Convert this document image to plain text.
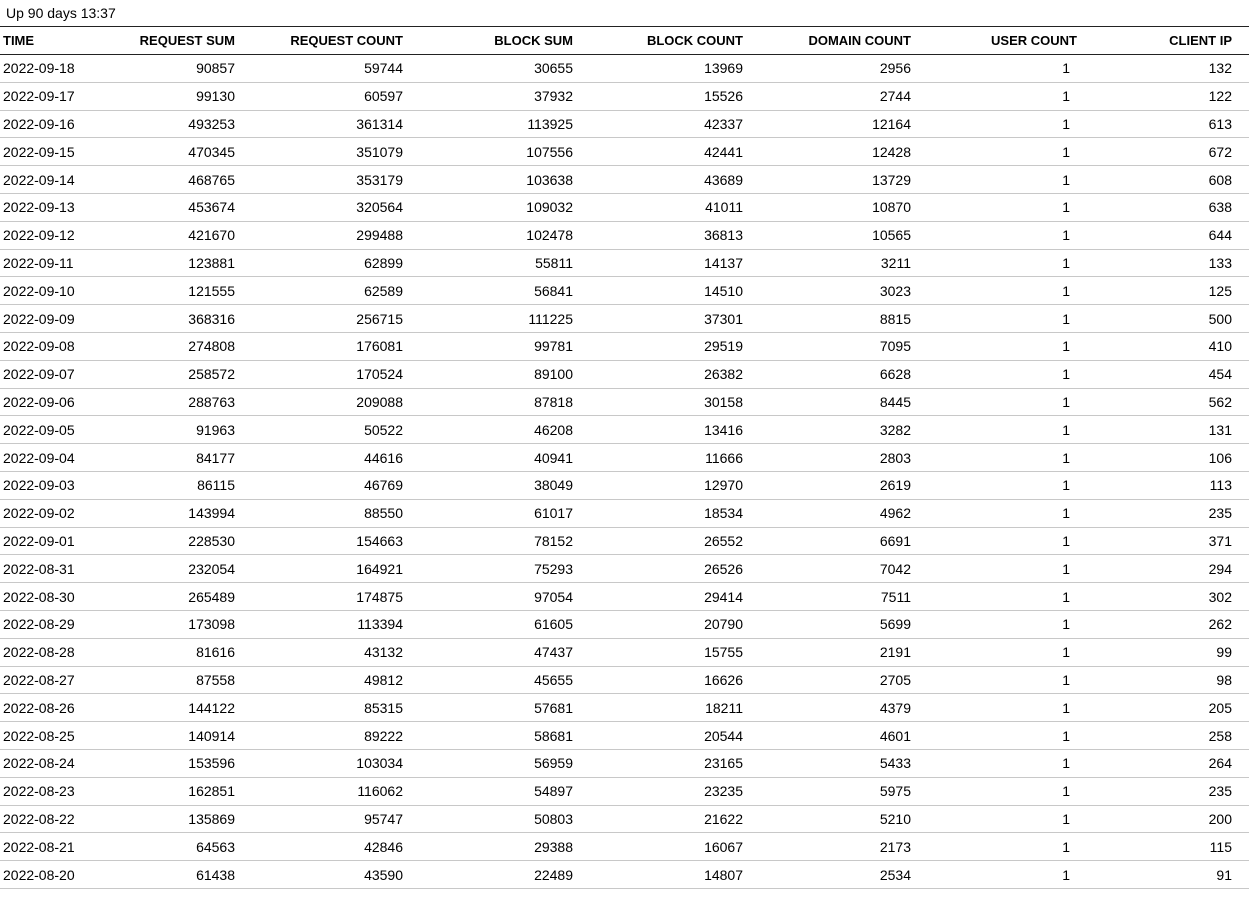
Up 90 days 13:37
TIME	REQUEST SUM	REQUEST COUNT	BLOCK SUM	BLOCK COUNT	DOMAIN COUNT	USER COUNT	CLIENT IP
2022-09-18	90857	59744	30655	13969	2956	1	132
2022-09-17	99130	60597	37932	15526	2744	1	122
2022-09-16	493253	361314	113925	42337	12164	1	613
2022-09-15	470345	351079	107556	42441	12428	1	672
2022-09-14	468765	353179	103638	43689	13729	1	608
2022-09-13	453674	320564	109032	41011	10870	1	638
2022-09-12	421670	299488	102478	36813	10565	1	644
2022-09-11	123881	62899	55811	14137	3211	1	133
2022-09-10	121555	62589	56841	14510	3023	1	125
2022-09-09	368316	256715	111225	37301	8815	1	500
2022-09-08	274808	176081	99781	29519	7095	1	410
2022-09-07	258572	170524	89100	26382	6628	1	454
2022-09-06	288763	209088	87818	30158	8445	1	562
2022-09-05	91963	50522	46208	13416	3282	1	131
2022-09-04	84177	44616	40941	11666	2803	1	106
2022-09-03	86115	46769	38049	12970	2619	1	113
2022-09-02	143994	88550	61017	18534	4962	1	235
2022-09-01	228530	154663	78152	26552	6691	1	371
2022-08-31	232054	164921	75293	26526	7042	1	294
2022-08-30	265489	174875	97054	29414	7511	1	302
2022-08-29	173098	113394	61605	20790	5699	1	262
2022-08-28	81616	43132	47437	15755	2191	1	99
2022-08-27	87558	49812	45655	16626	2705	1	98
2022-08-26	144122	85315	57681	18211	4379	1	205
2022-08-25	140914	89222	58681	20544	4601	1	258
2022-08-24	153596	103034	56959	23165	5433	1	264
2022-08-23	162851	116062	54897	23235	5975	1	235
2022-08-22	135869	95747	50803	21622	5210	1	200
2022-08-21	64563	42846	29388	16067	2173	1	115
2022-08-20	61438	43590	22489	14807	2534	1	91
